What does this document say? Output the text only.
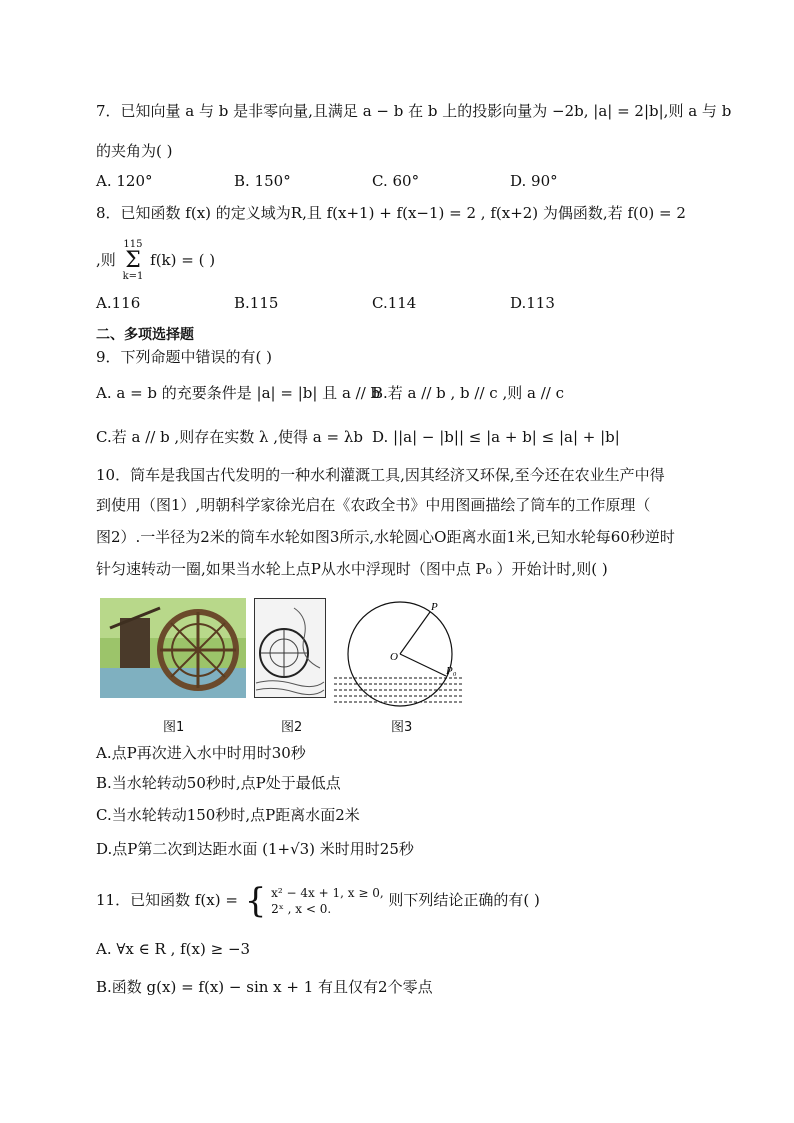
7．已知向量 a 与 b 是非零向量,且满足 a − b 在 b 上的投影向量为 −2b, |a| = 2|b|,则 a 与 b
的夹角为( )
A. 120°	B. 150°	C. 60°	D. 90°
8．已知函数 f(x) 的定义域为R,且 f(x+1) + f(x−1) = 2 , f(x+2) 为偶函数,若 f(0) = 2
,则
115
Σ
k=1
f(k) = ( )
A.116	B.115	C.114	D.113
二、多项选择题
9．下列命题中错误的有( )
A. a = b 的充要条件是 |a| = |b| 且 a // b
B.若 a // b , b // c ,则 a // c
C.若 a // b ,则存在实数 λ ,使得 a = λb D. ||a| − |b|| ≤ |a + b| ≤ |a| + |b|
10．筒车是我国古代发明的一种水利灌溉工具,因其经济又环保,至今还在农业生产中得
到使用（图1）,明朝科学家徐光启在《农政全书》中用图画描绘了筒车的工作原理（
图2）.一半径为2米的筒车水轮如图3所示,水轮圆心O距离水面1米,已知水轮每60秒逆时
针匀速转动一圈,如果当水轮上点P从水中浮现时（图中点 P₀ ）开始计时,则( )
P
O
P₀
图1	图2	图3
A.点P再次进入水中时用时30秒
B.当水轮转动50秒时,点P处于最低点
C.当水轮转动150秒时,点P距离水面2米
D.点P第二次到达距水面 (1+√3) 米时用时25秒
11．已知函数 f(x) = { x² − 4x + 1, x ≥ 0,
2ˣ , x < 0.	则下列结论正确的有( )
A. ∀x ∈ R , f(x) ≥ −3
B.函数 g(x) = f(x) − sin x + 1 有且仅有2个零点
